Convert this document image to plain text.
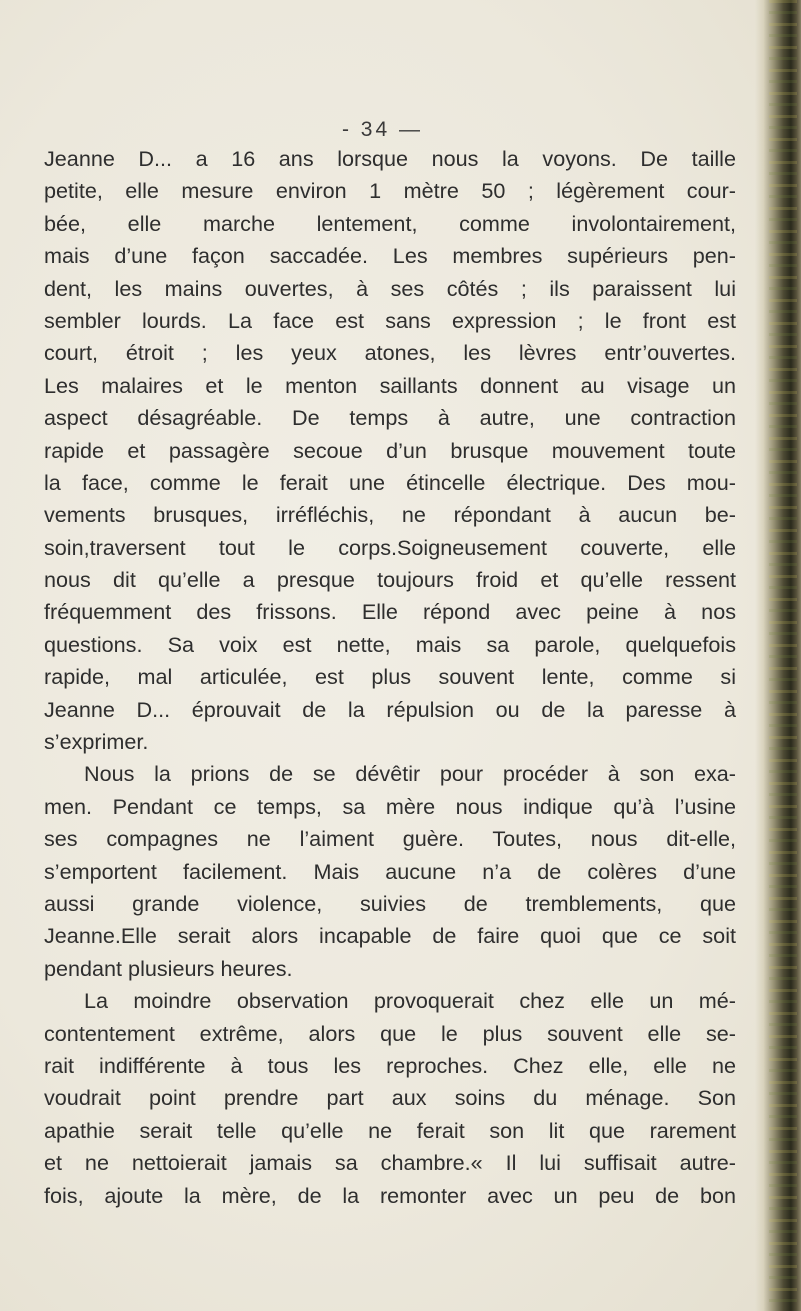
- 34 —
Jeanne D... a 16 ans lorsque nous la voyons. De taille
petite, elle mesure environ 1 mètre 50 ; légèrement cour-
bée, elle marche lentement, comme involontairement,
mais d’une façon saccadée. Les membres supérieurs pen-
dent, les mains ouvertes, à ses côtés ; ils paraissent lui
sembler lourds. La face est sans expression ; le front est
court, étroit ; les yeux atones, les lèvres entr’ouvertes.
Les malaires et le menton saillants donnent au visage un
aspect désagréable. De temps à autre, une contraction
rapide et passagère secoue d’un brusque mouvement toute
la face, comme le ferait une étincelle électrique. Des mou-
vements brusques, irréfléchis, ne répondant à aucun be-
soin,traversent tout le corps.Soigneusement couverte, elle
nous dit qu’elle a presque toujours froid et qu’elle ressent
fréquemment des frissons. Elle répond avec peine à nos
questions. Sa voix est nette, mais sa parole, quelquefois
rapide, mal articulée, est plus souvent lente, comme si
Jeanne D... éprouvait de la répulsion ou de la paresse à
s’exprimer.
Nous la prions de se dévêtir pour procéder à son exa-
men. Pendant ce temps, sa mère nous indique qu’à l’usine
ses compagnes ne l’aiment guère. Toutes, nous dit-elle,
s’emportent facilement. Mais aucune n’a de colères d’une
aussi grande violence, suivies de tremblements, que
Jeanne.Elle serait alors incapable de faire quoi que ce soit
pendant plusieurs heures.
La moindre observation provoquerait chez elle un mé-
contentement extrême, alors que le plus souvent elle se-
rait indifférente à tous les reproches. Chez elle, elle ne
voudrait point prendre part aux soins du ménage. Son
apathie serait telle qu’elle ne ferait son lit que rarement
et ne nettoierait jamais sa chambre.« Il lui suffisait autre-
fois, ajoute la mère, de la remonter avec un peu de bon
